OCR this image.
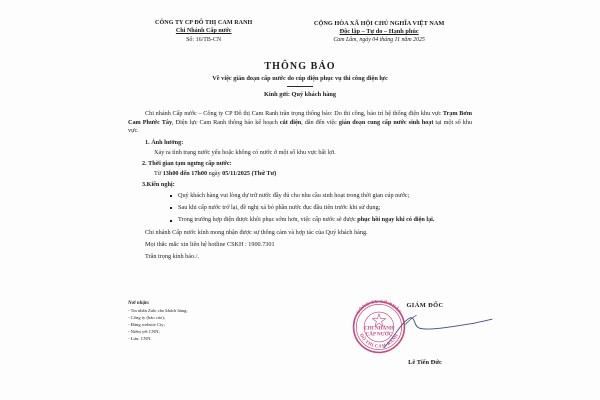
CÔNG TY CP ĐÔ THỊ CAM RANH
Chi Nhánh Cấp nước
Số: 16/TB-CN
CỘNG HÒA XÃ HỘI CHỦ NGHĨA VIỆT NAM
Độc lập – Tự do – Hạnh phúc
Cam Lâm, ngày 04 tháng 11 năm 2025
THÔNG BÁO
Về việc gián đoạn cấp nước do cúp điện phục vụ thi công điện lực
Kính gửi: Quý khách hàng

Chi nhánh Cấp nước – Công ty CP Đô thị Cam Ranh trân trọng thông báo: Do thi công, bảo trì hệ thống điện khu vực Trạm Bơm Cam Phước Tây, Điện lực Cam Ranh thông báo kế hoạch cắt điện, dẫn đến việc gián đoạn cung cấp nước sinh hoạt tại một số khu vực.

1. Ảnh hưởng:

Xảy ra tình trạng nước yếu hoặc không có nước ở một số khu vực bất lợi.

2. Thời gian tạm ngưng cấp nước:

Từ 13h00 đến 17h00 ngày 05/11/2025 (Thứ Tư)

3.Kiến nghị:

Quý khách hàng vui lòng dự trữ nước đầy đủ cho nhu cầu sinh hoạt trong thời gian cúp nước;
Sau khi cấp nước trở lại, đề nghị xả bỏ phần nước đục đầu tiên trước khi sử dụng;
Trong trường hợp điện được khôi phục sớm hơn, việc cấp nước sẽ được phục hồi ngay khi có điện lại.

Chi nhánh Cấp nước kính mong nhận được sự thông cảm và hợp tác của Quý khách hàng.

Mọi thắc mắc xin liên hệ hotline CSKH : 1900.7301

Trân trọng kính báo./.

Nơi nhận:
- Tin nhắn Zalo cho khách hàng;
- Công ty (báo cáo);
- Đăng website Cty;
- Niêm yết CNN;
- Lưu: CNN.
CÔNG TY CỔ PHẦN
ĐÔ THỊ CAM RANH
CHI NHÁNH
CẤP NƯỚC
GIÁM ĐỐC
Lê Tiến Đức
